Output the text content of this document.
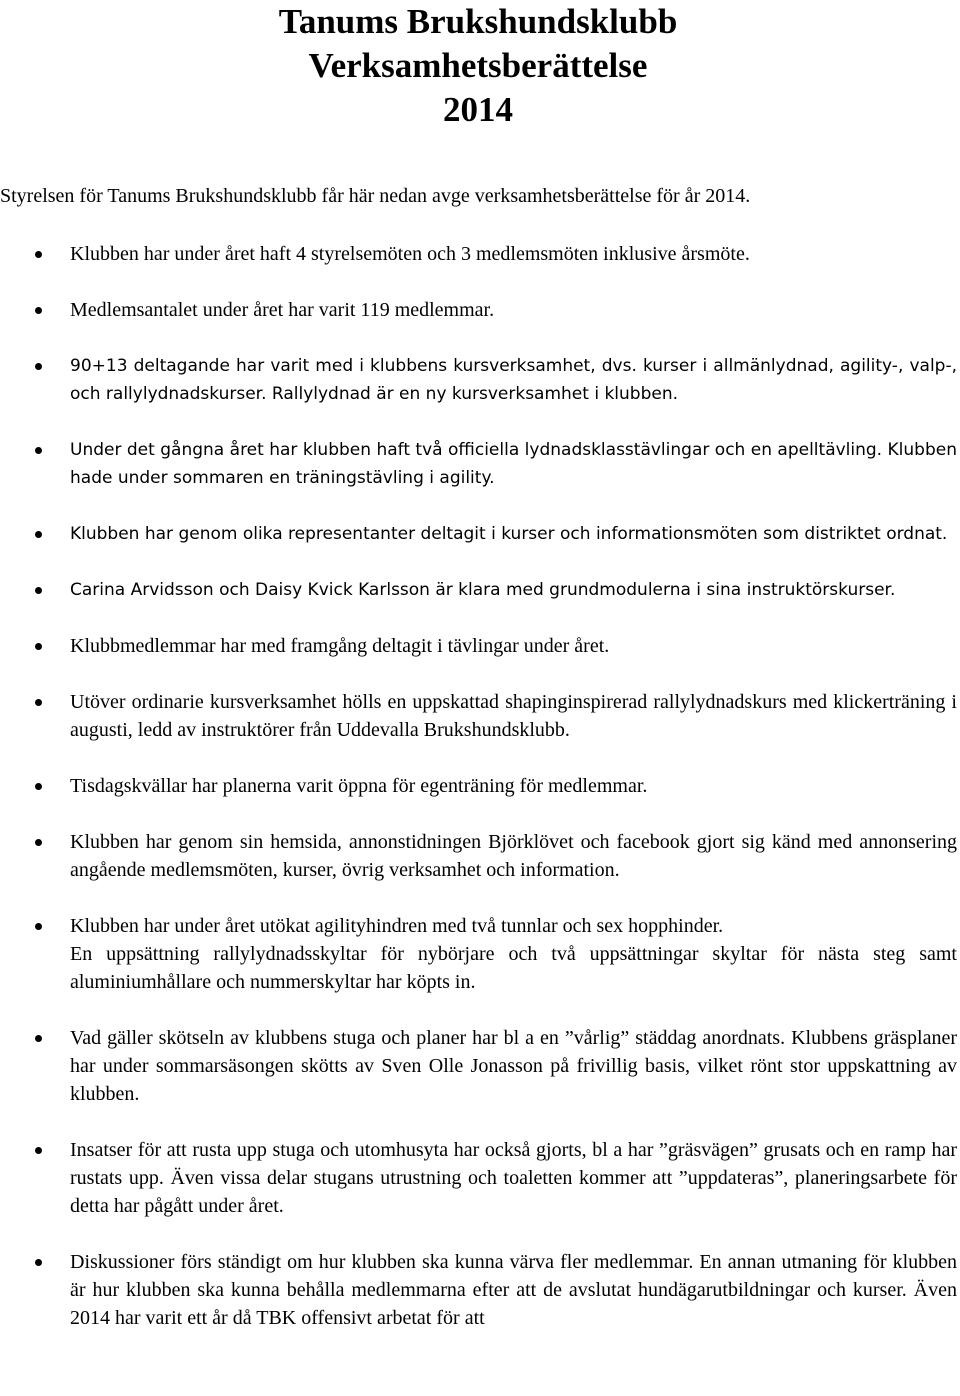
Tanums Brukshundsklubb
Verksamhetsberättelse
2014
Styrelsen för Tanums Brukshundsklubb får här nedan avge verksamhetsberättelse för år 2014.
Klubben har under året haft 4 styrelsemöten och 3 medlemsmöten inklusive årsmöte.
Medlemsantalet under året har varit 119 medlemmar.
90+13 deltagande har varit med i klubbens kursverksamhet, dvs. kurser i allmänlydnad, agility-, valp-, och rallylydnadskurser. Rallylydnad är en ny kursverksamhet i klubben.
Under det gångna året har klubben haft två officiella lydnadsklasstävlingar och en apelltävling. Klubben hade under sommaren en träningstävling i agility.
Klubben har genom olika representanter deltagit i kurser och informationsmöten som distriktet ordnat.
Carina Arvidsson och Daisy Kvick Karlsson är klara med grundmodulerna i sina instruktörskurser.
Klubbmedlemmar har med framgång deltagit i tävlingar under året.
Utöver ordinarie kursverksamhet hölls en uppskattad shapinginspirerad rallylydnadskurs med klickerträning i augusti, ledd av instruktörer från Uddevalla Brukshundsklubb.
Tisdagskvällar har planerna varit öppna för egenträning för medlemmar.
Klubben har genom sin hemsida, annonstidningen Björklövet och facebook gjort sig känd med annonsering angående medlemsmöten, kurser, övrig verksamhet och information.
Klubben har under året utökat agilityhindren med två tunnlar och sex hopphinder.
En uppsättning rallylydnadsskyltar för nybörjare och två uppsättningar skyltar för nästa steg samt aluminiumhållare och nummerskyltar har köpts in.
Vad gäller skötseln av klubbens stuga och planer har bl a en ”vårlig” städdag anordnats. Klubbens gräsplaner har under sommarsäsongen skötts av Sven Olle Jonasson på frivillig basis, vilket rönt stor uppskattning av klubben.
Insatser för att rusta upp stuga och utomhusyta har också gjorts, bl a har ”gräsvägen” grusats och en ramp har rustats upp. Även vissa delar stugans utrustning och toaletten kommer att ”uppdateras”, planeringsarbete för detta har pågått under året.
Diskussioner förs ständigt om hur klubben ska kunna värva fler medlemmar. En annan utmaning för klubben är hur klubben ska kunna behålla medlemmarna efter att de avslutat hundägarutbildningar och kurser. Även 2014 har varit ett år då TBK offensivt arbetat för att
